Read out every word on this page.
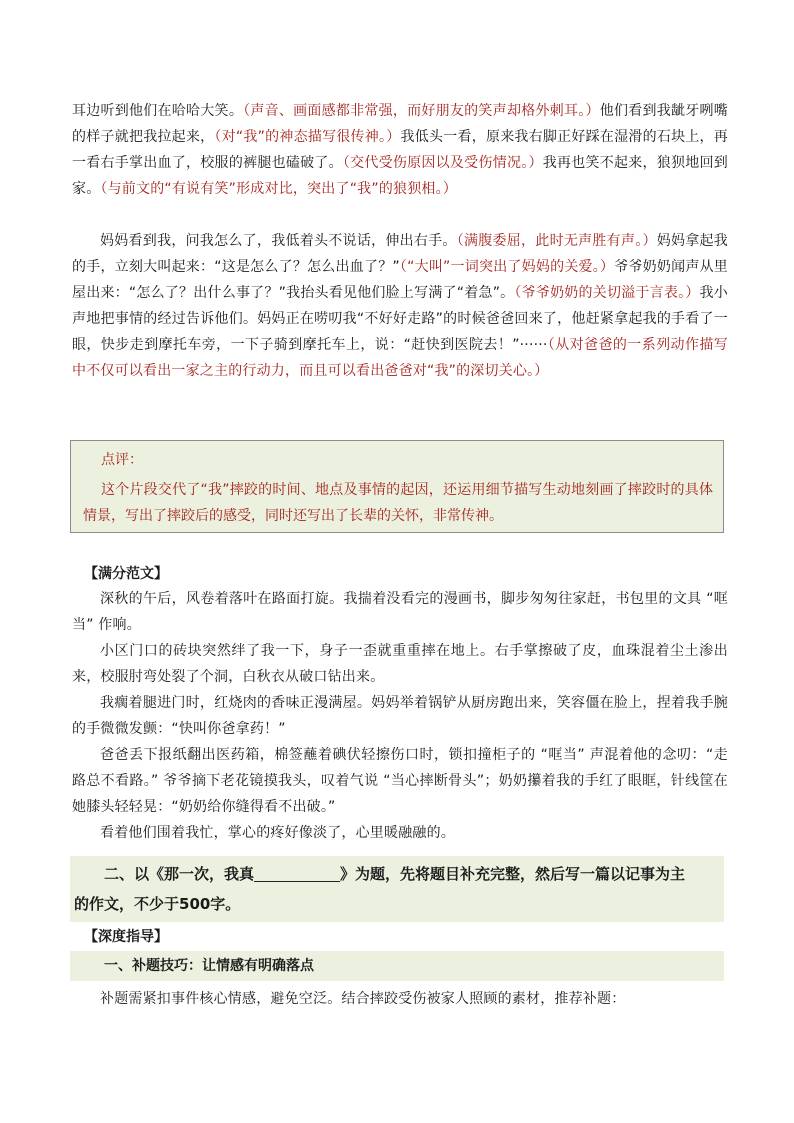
耳边听到他们在哈哈大笑。（声音、画面感都非常强，而好朋友的笑声却格外刺耳。）他们看到我龇牙咧嘴的样子就把我拉起来，（对“我”的神态描写很传神。）我低头一看，原来我右脚正好踩在湿滑的石块上，再一看右手掌出血了，校服的裤腿也磕破了。（交代受伤原因以及受伤情况。）我再也笑不起来，狼狈地回到家。（与前文的“有说有笑”形成对比，突出了“我”的狼狈相。）

妈妈看到我，问我怎么了，我低着头不说话，伸出右手。（满腹委屈，此时无声胜有声。）妈妈拿起我的手，立刻大叫起来：“这是怎么了？怎么出血了？”（“大叫”一词突出了妈妈的关爱。）爷爷奶奶闻声从里屋出来：“怎么了？出什么事了？”我抬头看见他们脸上写满了“着急”。（爷爷奶奶的关切溢于言表。）我小声地把事情的经过告诉他们。妈妈正在唠叨我“不好好走路”的时候爸爸回来了，他赶紧拿起我的手看了一眼，快步走到摩托车旁，一下子骑到摩托车上，说：“赶快到医院去！”······（从对爸爸的一系列动作描写中不仅可以看出一家之主的行动力，而且可以看出爸爸对“我”的深切关心。）

点评：
这个片段交代了“我”摔跤的时间、地点及事情的起因，还运用细节描写生动地刻画了摔跤时的具体情景，写出了摔跤后的感受，同时还写出了长辈的关怀，非常传神。
【满分范文】

深秋的午后，风卷着落叶在路面打旋。我揣着没看完的漫画书，脚步匆匆往家赶，书包里的文具 “哐当” 作响。

小区门口的砖块突然绊了我一下，身子一歪就重重摔在地上。右手掌擦破了皮，血珠混着尘土渗出来，校服肘弯处裂了个洞，白秋衣从破口钻出来。

我瘸着腿进门时，红烧肉的香味正漫满屋。妈妈举着锅铲从厨房跑出来，笑容僵在脸上，捏着我手腕的手微微发颤：“快叫你爸拿药！”

爸爸丢下报纸翻出医药箱，棉签蘸着碘伏轻擦伤口时，锁扣撞柜子的 “哐当” 声混着他的念叨：“走路总不看路。” 爷爷摘下老花镜摸我头，叹着气说 “当心摔断骨头”；奶奶攥着我的手红了眼眶，针线筐在她膝头轻轻晃：“奶奶给你缝得看不出破。”

看着他们围着我忙，掌心的疼好像淡了，心里暖融融的。

二、以《那一次，我真	》为题，先将题目补充完整，然后写一篇以记事为主
的作文，不少于500字。
【深度指导】
一、补题技巧：让情感有明确落点

补题需紧扣事件核心情感，避免空泛。结合摔跤受伤被家人照顾的素材，推荐补题：
